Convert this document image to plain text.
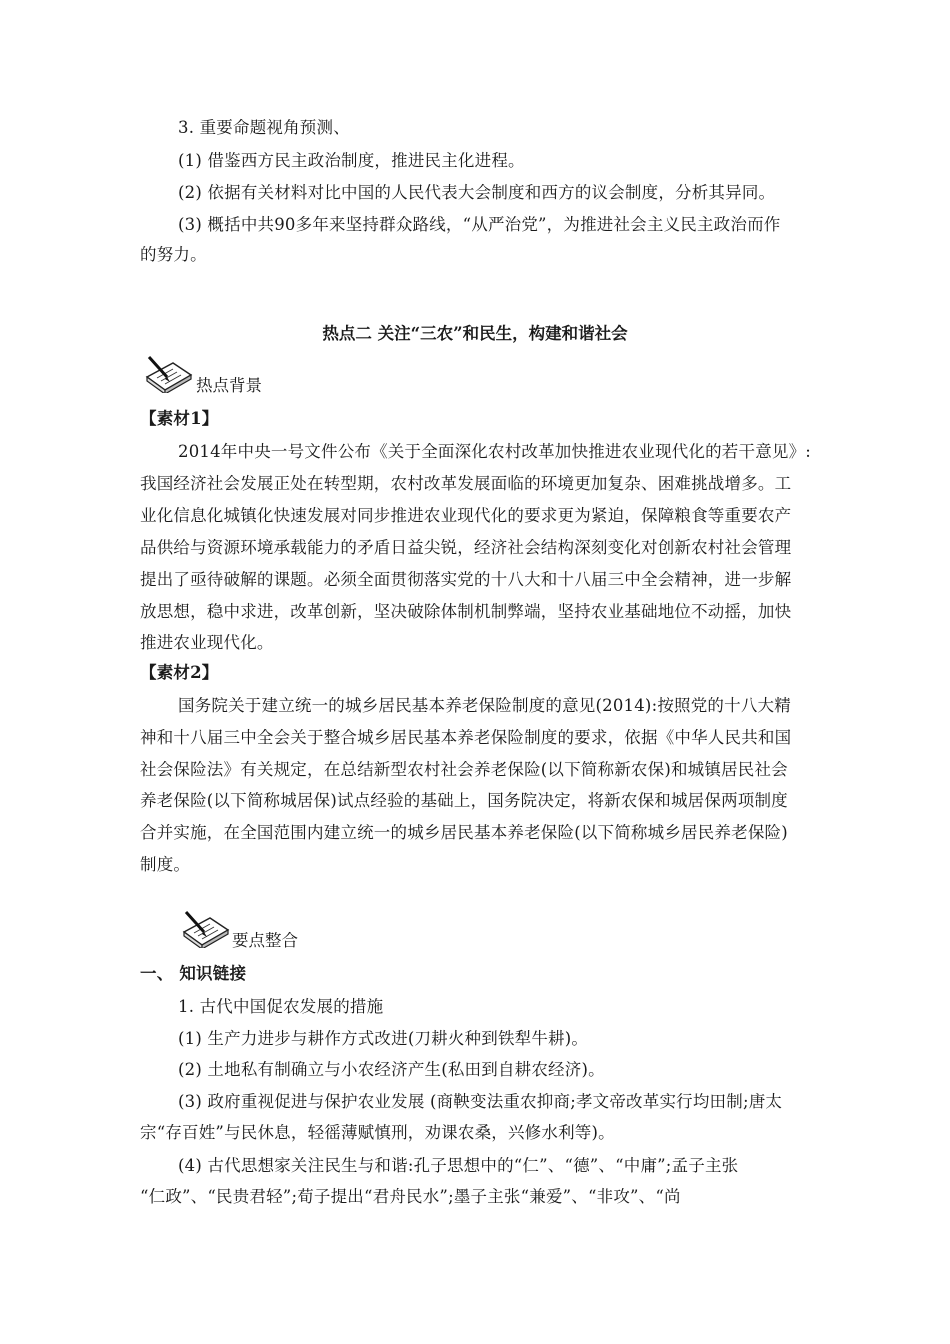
3. 重要命题视角预测、
(1) 借鉴西方民主政治制度，推进民主化进程。
(2) 依据有关材料对比中国的人民代表大会制度和西方的议会制度，分析其异同。
(3) 概括中共90多年来坚持群众路线，“从严治党”，为推进社会主义民主政治而作
的努力。
热点二 关注“三农”和民生，构建和谐社会
热点背景
【素材1】
2014年中央一号文件公布《关于全面深化农村改革加快推进农业现代化的若干意见》:
我国经济社会发展正处在转型期，农村改革发展面临的环境更加复杂、困难挑战增多。工
业化信息化城镇化快速发展对同步推进农业现代化的要求更为紧迫，保障粮食等重要农产
品供给与资源环境承载能力的矛盾日益尖锐，经济社会结构深刻变化对创新农村社会管理
提出了亟待破解的课题。必须全面贯彻落实党的十八大和十八届三中全会精神，进一步解
放思想，稳中求进，改革创新，坚决破除体制机制弊端，坚持农业基础地位不动摇，加快
推进农业现代化。
【素材2】
国务院关于建立统一的城乡居民基本养老保险制度的意见(2014):按照党的十八大精
神和十八届三中全会关于整合城乡居民基本养老保险制度的要求，依据《中华人民共和国
社会保险法》有关规定，在总结新型农村社会养老保险(以下简称新农保)和城镇居民社会
养老保险(以下简称城居保)试点经验的基础上，国务院决定，将新农保和城居保两项制度
合并实施，在全国范围内建立统一的城乡居民基本养老保险(以下简称城乡居民养老保险)
制度。
要点整合
一、 知识链接
1. 古代中国促农发展的措施
(1) 生产力进步与耕作方式改进(刀耕火种到铁犁牛耕)。
(2) 土地私有制确立与小农经济产生(私田到自耕农经济)。
(3) 政府重视促进与保护农业发展 (商鞅变法重农抑商;孝文帝改革实行均田制;唐太
宗“存百姓”与民休息，轻徭薄赋慎刑，劝课农桑，兴修水利等)。
(4) 古代思想家关注民生与和谐:孔子思想中的“仁”、“德”、“中庸”;孟子主张
“仁政”、“民贵君轻”;荀子提出“君舟民水”;墨子主张“兼爱”、“非攻”、“尚
